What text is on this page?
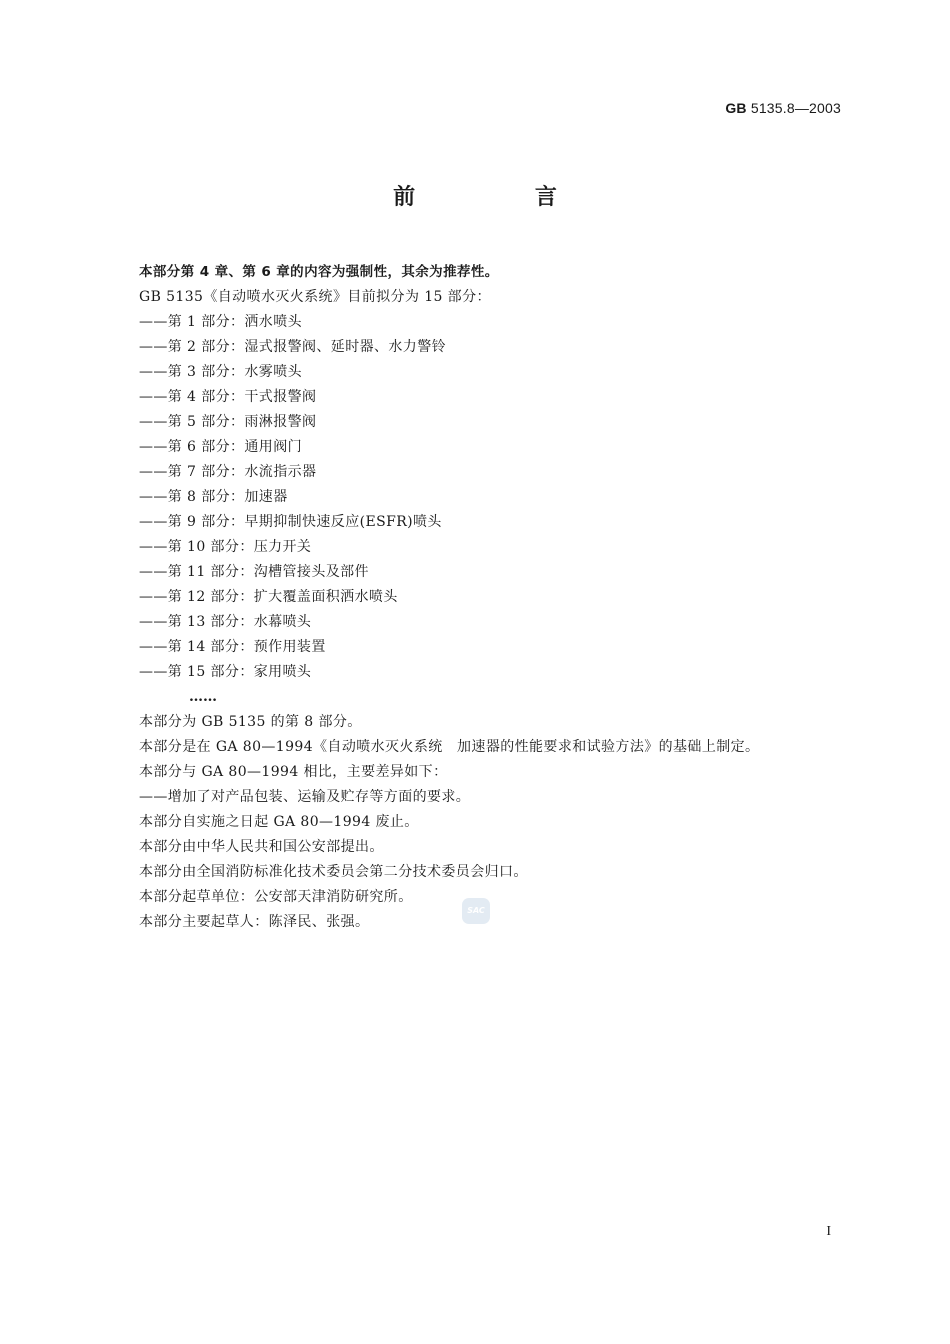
GB 5135.8—2003
前 言
本部分第 4 章、第 6 章的内容为强制性，其余为推荐性。
GB 5135《自动喷水灭火系统》目前拟分为 15 部分：
——第 1 部分：洒水喷头
——第 2 部分：湿式报警阀、延时器、水力警铃
——第 3 部分：水雾喷头
——第 4 部分：干式报警阀
——第 5 部分：雨淋报警阀
——第 6 部分：通用阀门
——第 7 部分：水流指示器
——第 8 部分：加速器
——第 9 部分：早期抑制快速反应(ESFR)喷头
——第 10 部分：压力开关
——第 11 部分：沟槽管接头及部件
——第 12 部分：扩大覆盖面积洒水喷头
——第 13 部分：水幕喷头
——第 14 部分：预作用装置
——第 15 部分：家用喷头
……
本部分为 GB 5135 的第 8 部分。
本部分是在 GA 80—1994《自动喷水灭火系统　加速器的性能要求和试验方法》的基础上制定。
本部分与 GA 80—1994 相比，主要差异如下：
——增加了对产品包装、运输及贮存等方面的要求。
本部分自实施之日起 GA 80—1994 废止。
本部分由中华人民共和国公安部提出。
本部分由全国消防标准化技术委员会第二分技术委员会归口。
本部分起草单位：公安部天津消防研究所。
本部分主要起草人：陈泽民、张强。
SAC
I
